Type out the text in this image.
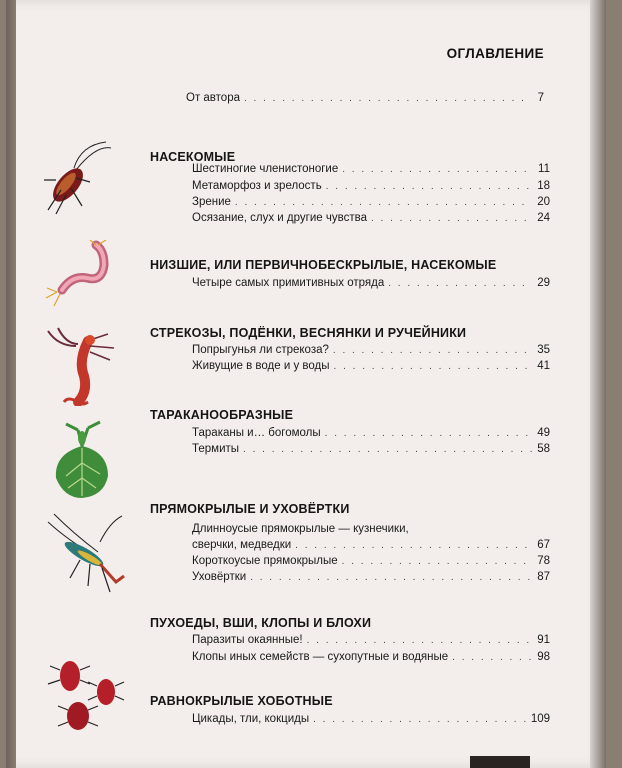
ОГЛАВЛЕНИЕ
От автора . . .	7
НАСЕКОМЫЕ
Шестиногие членистоногие . . .	11
Метаморфоз и зрелость . . .	18
Зрение . . .	20
Осязание, слух и другие чувства . . .	24
НИЗШИЕ, ИЛИ ПЕРВИЧНОБЕСКРЫЛЫЕ, НАСЕКОМЫЕ
Четыре самых примитивных отряда . . .	29
СТРЕКОЗЫ, ПОДЁНКИ, ВЕСНЯНКИ И РУЧЕЙНИКИ
Попрыгунья ли стрекоза? . . .	35
Живущие в воде и у воды . . .	41
ТАРАКАНООБРАЗНЫЕ
Тараканы и… богомолы . . .	49
Термиты . . .	58
ПРЯМОКРЫЛЫЕ И УХОВЁРТКИ
Длинноусые прямокрылые — кузнечики,
сверчки, медведки . . .	67
Короткоусые прямокрылые . . .	78
Уховёртки . . .	87
ПУХОЕДЫ, ВШИ, КЛОПЫ И БЛОХИ
Паразиты окаянные! . . .	91
Клопы иных семейств — сухопутные и водяные . . .	98
РАВНОКРЫЛЫЕ ХОБОТНЫЕ
Цикады, тли, кокциды . . .	109
